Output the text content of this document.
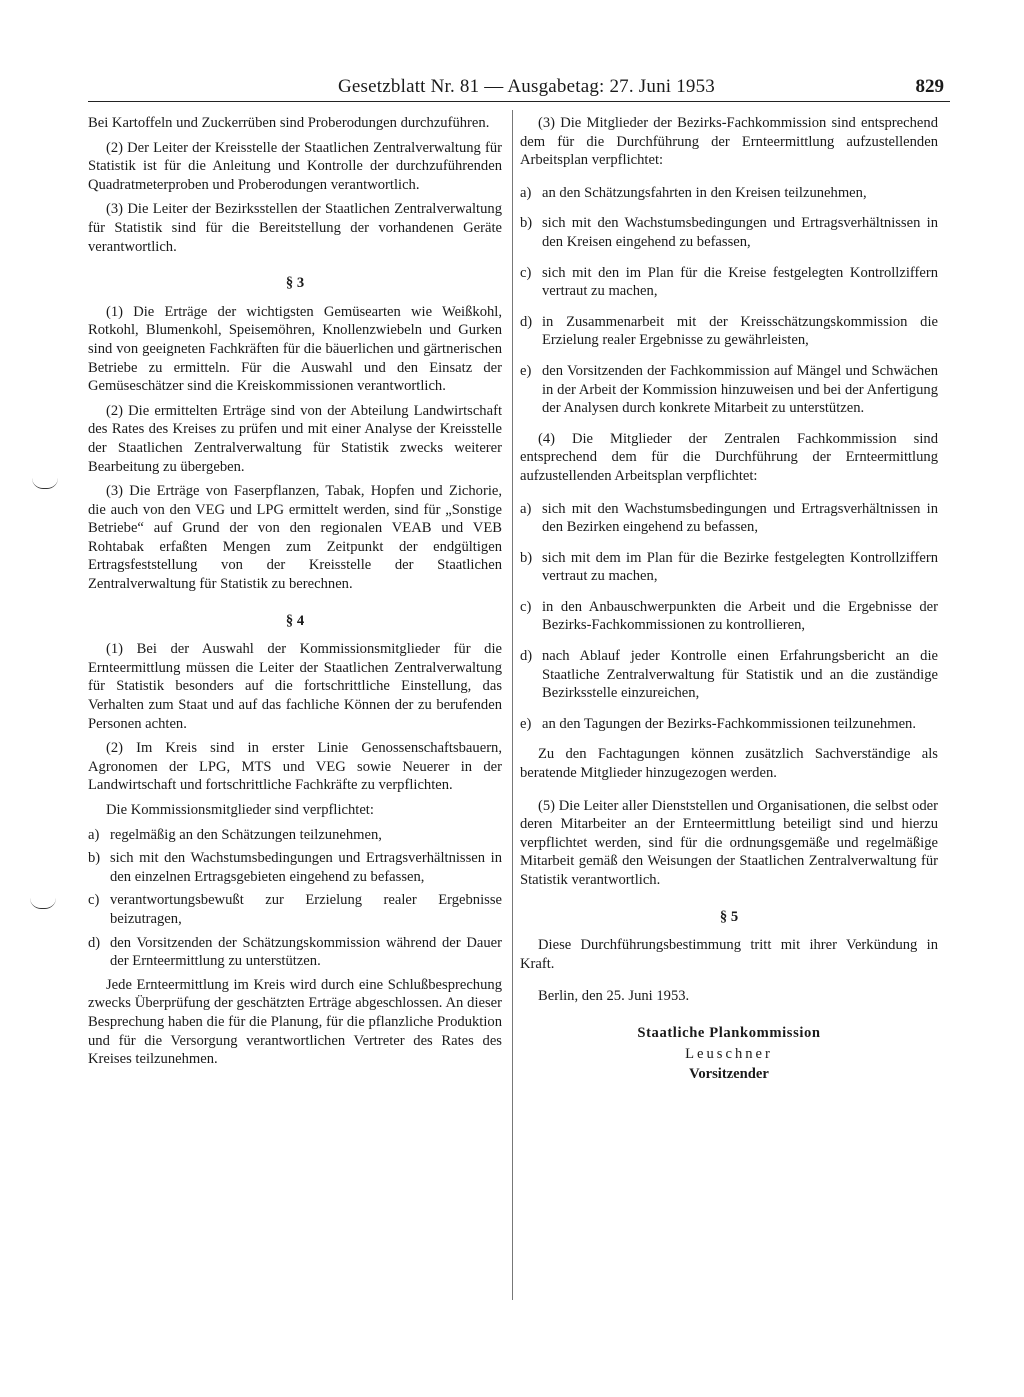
Gesetzblatt Nr. 81 — Ausgabetag: 27. Juni 1953	829

Bei Kartoffeln und Zuckerrüben sind Proberodungen durchzuführen.

(2) Der Leiter der Kreisstelle der Staatlichen Zentralverwaltung für Statistik ist für die Anleitung und Kontrolle der durchzuführenden Quadratmeterproben und Proberodungen verantwortlich.

(3) Die Leiter der Bezirksstellen der Staatlichen Zentralverwaltung für Statistik sind für die Bereitstellung der vorhandenen Geräte verantwortlich.

§ 3

(1) Die Erträge der wichtigsten Gemüsearten wie Weißkohl, Rotkohl, Blumenkohl, Speisemöhren, Knollenzwiebeln und Gurken sind von geeigneten Fachkräften für die bäuerlichen und gärtnerischen Betriebe zu ermitteln. Für die Auswahl und den Einsatz der Gemüseschätzer sind die Kreiskommissionen verantwortlich.

(2) Die ermittelten Erträge sind von der Abteilung Landwirtschaft des Rates des Kreises zu prüfen und mit einer Analyse der Kreisstelle der Staatlichen Zentralverwaltung für Statistik zwecks weiterer Bearbeitung zu übergeben.

(3) Die Erträge von Faserpflanzen, Tabak, Hopfen und Zichorie, die auch von den VEG und LPG ermittelt werden, sind für „Sonstige Betriebe“ auf Grund der von den regionalen VEAB und VEB Rohtabak erfaßten Mengen zum Zeitpunkt der endgültigen Ertragsfeststellung von der Kreisstelle der Staatlichen Zentralverwaltung für Statistik zu berechnen.

§ 4

(1) Bei der Auswahl der Kommissionsmitglieder für die Ernteermittlung müssen die Leiter der Staatlichen Zentralverwaltung für Statistik besonders auf die fortschrittliche Einstellung, das Verhalten zum Staat und auf das fachliche Können der zu berufenden Personen achten.

(2) Im Kreis sind in erster Linie Genossenschaftsbauern, Agronomen der LPG, MTS und VEG sowie Neuerer in der Landwirtschaft und fortschrittliche Fachkräfte zu verpflichten.

Die Kommissionsmitglieder sind verpflichtet:

a) regelmäßig an den Schätzungen teilzunehmen,
b) sich mit den Wachstumsbedingungen und Ertragsverhältnissen in den einzelnen Ertragsgebieten eingehend zu befassen,
c) verantwortungsbewußt zur Erzielung realer Ergebnisse beizutragen,
d) den Vorsitzenden der Schätzungskommission während der Dauer der Ernteermittlung zu unterstützen.

Jede Ernteermittlung im Kreis wird durch eine Schlußbesprechung zwecks Überprüfung der geschätzten Erträge abgeschlossen. An dieser Besprechung haben die für die Planung, für die pflanzliche Produktion und für die Versorgung verantwortlichen Vertreter des Rates des Kreises teilzunehmen.

(3) Die Mitglieder der Bezirks-Fachkommission sind entsprechend dem für die Durchführung der Ernteermittlung aufzustellenden Arbeitsplan verpflichtet:

a) an den Schätzungsfahrten in den Kreisen teilzunehmen,
b) sich mit den Wachstumsbedingungen und Ertragsverhältnissen in den Kreisen eingehend zu befassen,
c) sich mit den im Plan für die Kreise festgelegten Kontrollziffern vertraut zu machen,
d) in Zusammenarbeit mit der Kreisschätzungskommission die Erzielung realer Ergebnisse zu gewährleisten,
e) den Vorsitzenden der Fachkommission auf Mängel und Schwächen in der Arbeit der Kommission hinzuweisen und bei der Anfertigung der Analysen durch konkrete Mitarbeit zu unterstützen.

(4) Die Mitglieder der Zentralen Fachkommission sind entsprechend dem für die Durchführung der Ernteermittlung aufzustellenden Arbeitsplan verpflichtet:

a) sich mit den Wachstumsbedingungen und Ertragsverhältnissen in den Bezirken eingehend zu befassen,
b) sich mit dem im Plan für die Bezirke festgelegten Kontrollziffern vertraut zu machen,
c) in den Anbauschwerpunkten die Arbeit und die Ergebnisse der Bezirks-Fachkommissionen zu kontrollieren,
d) nach Ablauf jeder Kontrolle einen Erfahrungsbericht an die Staatliche Zentralverwaltung für Statistik und an die zuständige Bezirksstelle einzureichen,
e) an den Tagungen der Bezirks-Fachkommissionen teilzunehmen.

Zu den Fachtagungen können zusätzlich Sachverständige als beratende Mitglieder hinzugezogen werden.

(5) Die Leiter aller Dienststellen und Organisationen, die selbst oder deren Mitarbeiter an der Ernteermittlung beteiligt sind und hierzu verpflichtet werden, sind für die ordnungsgemäße und regelmäßige Mitarbeit gemäß den Weisungen der Staatlichen Zentralverwaltung für Statistik verantwortlich.

§ 5

Diese Durchführungsbestimmung tritt mit ihrer Verkündung in Kraft.

Berlin, den 25. Juni 1953.

Staatliche Plankommission
Leuschner
Vorsitzender
